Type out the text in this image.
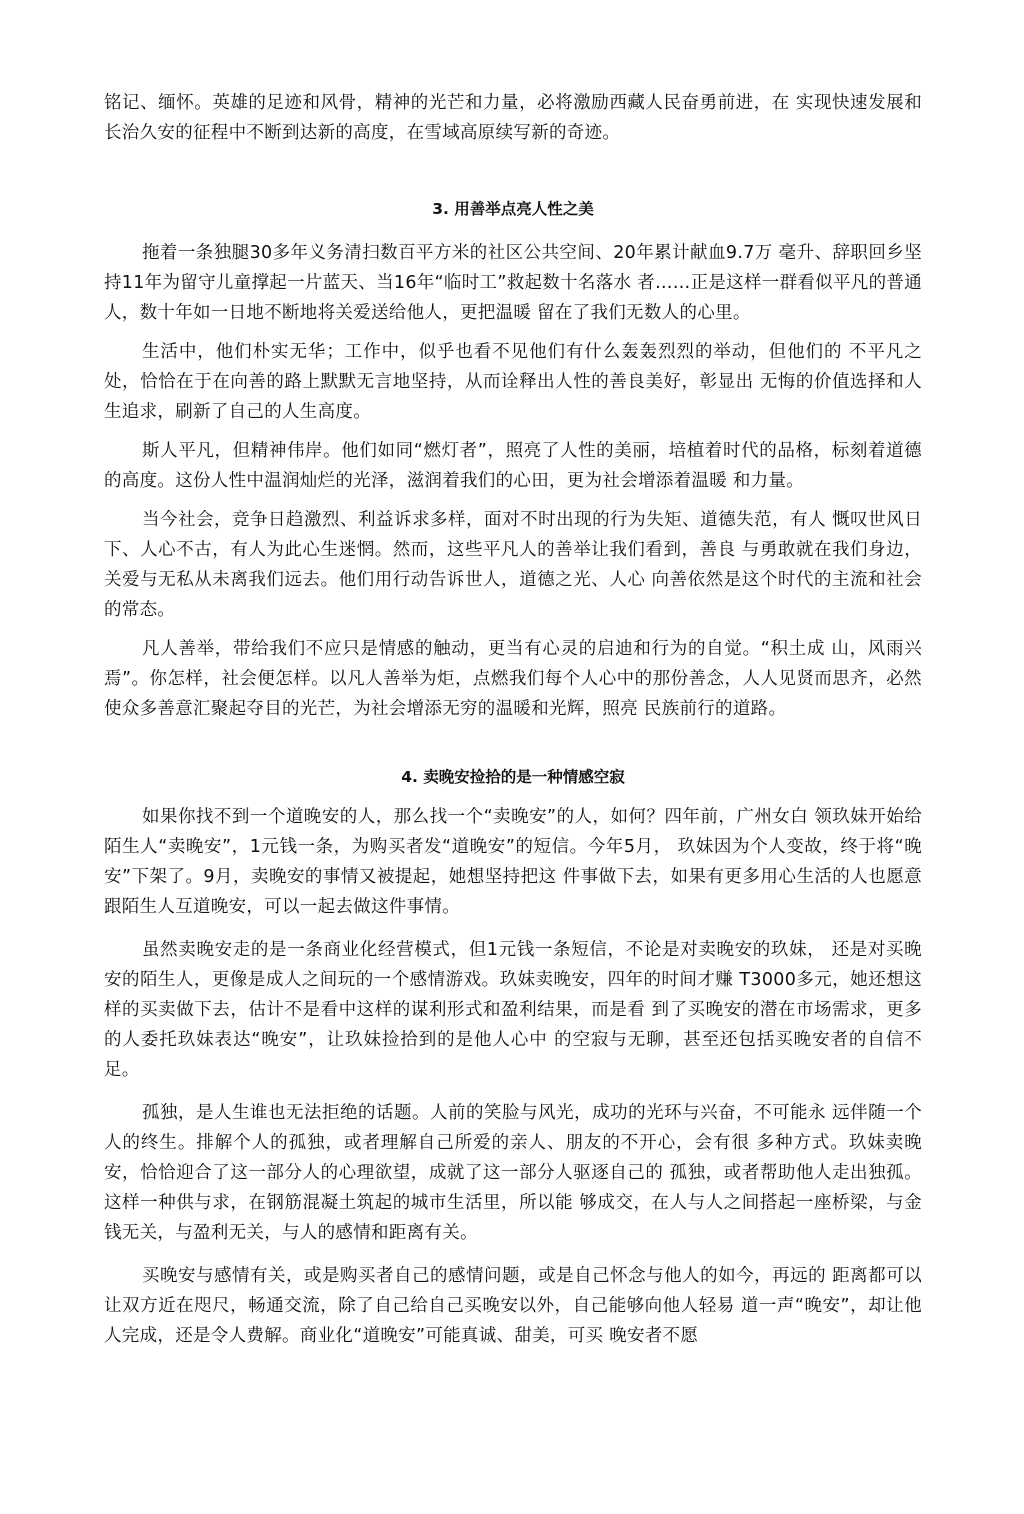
铭记、缅怀。英雄的足迹和风骨，精神的光芒和力量，必将激励西藏人民奋勇前进，在 实现快速发展和长治久安的征程中不断到达新的高度，在雪域高原续写新的奇迹。

3. 用善举点亮人性之美

拖着一条独腿30多年义务清扫数百平方米的社区公共空间、20年累计献血9.7万 毫升、辞职回乡坚持11年为留守儿童撑起一片蓝天、当16年“临时工”救起数十名落水 者……正是这样一群看似平凡的普通人，数十年如一日地不断地将关爱送给他人，更把温暖 留在了我们无数人的心里。

生活中，他们朴实无华；工作中，似乎也看不见他们有什么轰轰烈烈的举动，但他们的 不平凡之处，恰恰在于在向善的路上默默无言地坚持，从而诠释出人性的善良美好，彰显出 无悔的价值选择和人生追求，刷新了自己的人生高度。

斯人平凡，但精神伟岸。他们如同“燃灯者”，照亮了人性的美丽，培植着时代的品格，标刻着道德的高度。这份人性中温润灿烂的光泽，滋润着我们的心田，更为社会增添着温暖 和力量。

当今社会，竞争日趋激烈、利益诉求多样，面对不时出现的行为失矩、道德失范，有人 慨叹世风日下、人心不古，有人为此心生迷惘。然而，这些平凡人的善举让我们看到，善良 与勇敢就在我们身边，关爱与无私从未离我们远去。他们用行动告诉世人，道德之光、人心 向善依然是这个时代的主流和社会的常态。

凡人善举，带给我们不应只是情感的触动，更当有心灵的启迪和行为的自觉。“积土成 山，风雨兴焉”。你怎样，社会便怎样。以凡人善举为炬，点燃我们每个人心中的那份善念，人人见贤而思齐，必然使众多善意汇聚起夺目的光芒，为社会增添无穷的温暖和光辉，照亮 民族前行的道路。

4. 卖晚安捡拾的是一种情感空寂

如果你找不到一个道晚安的人，那么找一个“卖晚安”的人，如何？四年前，广州女白 领玖妹开始给陌生人“卖晚安”，1元钱一条，为购买者发“道晚安”的短信。今年5月， 玖妹因为个人变故，终于将“晚安”下架了。9月，卖晚安的事情又被提起，她想坚持把这 件事做下去，如果有更多用心生活的人也愿意跟陌生人互道晚安，可以一起去做这件事情。

虽然卖晚安走的是一条商业化经营模式，但1元钱一条短信，不论是对卖晚安的玖妹， 还是对买晚安的陌生人，更像是成人之间玩的一个感情游戏。玖妹卖晚安，四年的时间才赚 T3000多元，她还想这样的买卖做下去，估计不是看中这样的谋利形式和盈利结果，而是看 到了买晚安的潜在市场需求，更多的人委托玖妹表达“晚安”，让玖妹捡拾到的是他人心中 的空寂与无聊，甚至还包括买晚安者的自信不足。

孤独，是人生谁也无法拒绝的话题。人前的笑脸与风光，成功的光环与兴奋，不可能永 远伴随一个人的终生。排解个人的孤独，或者理解自己所爱的亲人、朋友的不开心，会有很 多种方式。玖妹卖晚安，恰恰迎合了这一部分人的心理欲望，成就了这一部分人驱逐自己的 孤独，或者帮助他人走出独孤。这样一种供与求，在钢筋混凝土筑起的城市生活里，所以能 够成交，在人与人之间搭起一座桥梁，与金钱无关，与盈利无关，与人的感情和距离有关。

买晚安与感情有关，或是购买者自己的感情问题，或是自己怀念与他人的如今，再远的 距离都可以让双方近在咫尺，畅通交流，除了自己给自己买晚安以外，自己能够向他人轻易 道一声“晚安”，却让他人完成，还是令人费解。商业化“道晚安”可能真诚、甜美，可买 晚安者不愿
